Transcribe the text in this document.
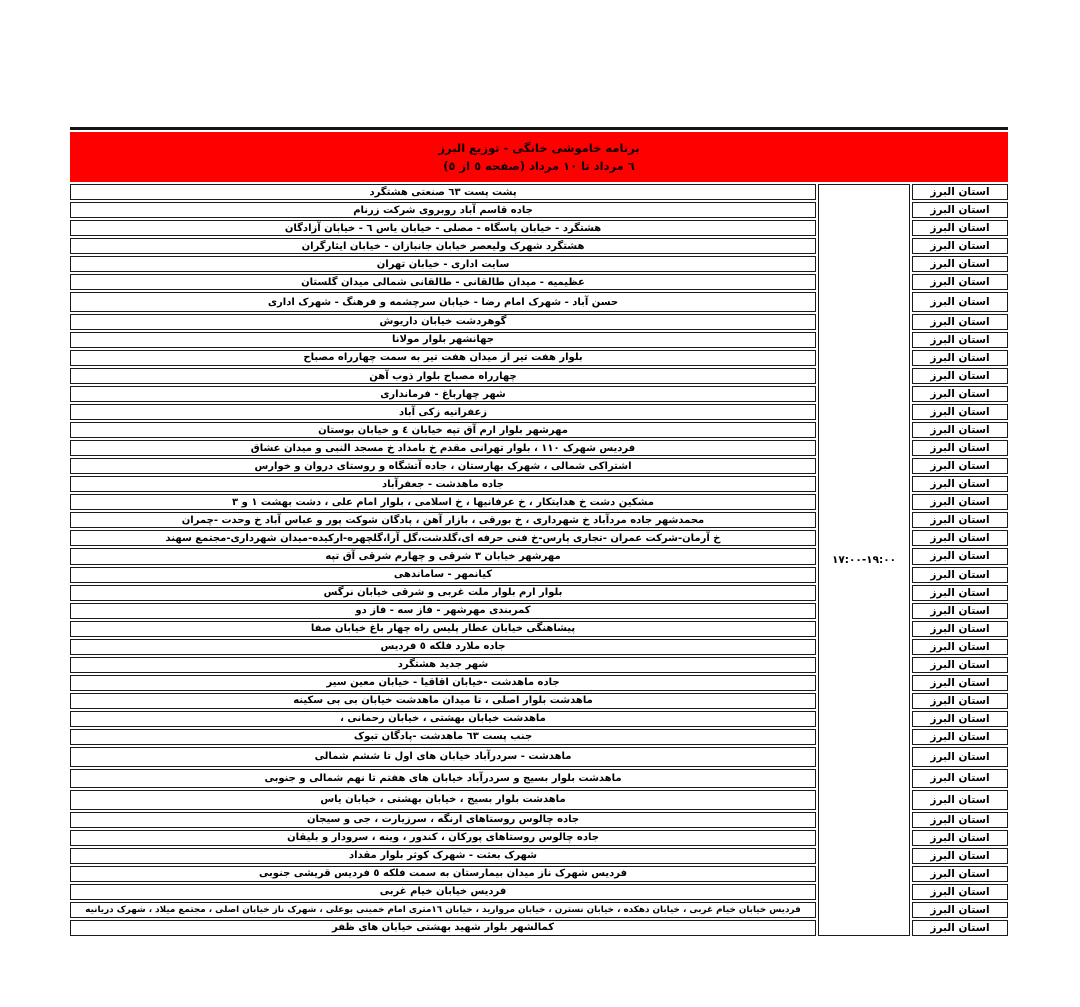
برنامه خاموشی خانگی - توزیع البرز
٦ مرداد تا ١٠ مرداد (صفحه ٥ از ٥)
استان البرز
استان البرز
استان البرز
استان البرز
استان البرز
استان البرز
استان البرز
استان البرز
استان البرز
استان البرز
استان البرز
استان البرز
استان البرز
استان البرز
استان البرز
استان البرز
استان البرز
استان البرز
استان البرز
استان البرز
استان البرز
استان البرز
استان البرز
استان البرز
استان البرز
استان البرز
استان البرز
استان البرز
استان البرز
استان البرز
استان البرز
استان البرز
استان البرز
استان البرز
استان البرز
استان البرز
استان البرز
استان البرز
استان البرز
استان البرز
استان البرز
١٧:٠٠-١٩:٠٠
پشت پست ٦٣ صنعتی هشتگرد
جاده قاسم آباد روبروی شرکت زرنام
هشتگرد - خیابان پاسگاه - مصلی - خیابان یاس ٦ - خیابان آزادگان
هشتگرد شهرک ولیعصر خیابان جانبازان - خیابان ایثارگران
سایت اداری - خیابان تهران
عظیمیه - میدان طالقانی - طالقانی شمالی میدان گلستان
حسن آباد - شهرک امام رضا - خیابان سرچشمه و فرهنگ - شهرک اداری
گوهردشت خیابان داریوش
جهانشهر بلوار مولانا
بلوار هفت تیر از میدان هفت تیر به سمت چهارراه مصباح
چهارراه مصباح بلوار ذوب آهن
شهر چهارباغ - فرمانداری
زعفرانیه زکی آباد
مهرشهر بلوار ارم آق تپه خیابان ٤ و خیابان بوستان
فردیس شهرک ١١٠ ، بلوار تهرانی مقدم خ بامداد خ مسجد النبی و میدان عشاق
اشتراکی شمالی ، شهرک بهارستان ، جاده آتشگاه و روستای دروان و خوارس
جاده ماهدشت - جعفرآباد
مشکین دشت خ هدایتکار ، خ عرفانیها ، خ اسلامی ، بلوار امام علی ، دشت بهشت ١ و ٣
محمدشهر جاده مردآباد خ شهرداری ، خ بورقی ، بازار آهن ، پادگان شوکت پور و عباس آباد خ وحدت -چمران
خ آرمان-شرکت عمران -تجاری پارس-خ فنی حرفه ای،گلدشت،گل آرا،گلچهره-ارکیده-میدان شهرداری-مجتمع سهند
مهرشهر خیابان ٣ شرقی و چهارم شرقی آق تپه
کیانمهر - ساماندهی
بلوار ارم بلوار ملت غربی و شرقی خیابان نرگس
کمربندی مهرشهر - فاز سه - فاز دو
پیشاهنگی خیابان عطار پلیس راه چهار باغ خیابان صفا
جاده ملارد فلکه ٥ فردیس
شهر جدید هشتگرد
جاده ماهدشت -خیابان اقاقیا - خیابان معین سیر
ماهدشت بلوار اصلی ، تا میدان ماهدشت خیابان بی بی سکینه
ماهدشت خیابان بهشتی ، خیابان رحمانی ،
جنب پست ٦٣ ماهدشت -پادگان تبوک
ماهدشت - سردرآباد خیابان های اول تا ششم شمالی
ماهدشت بلوار بسیج و سردرآباد خیابان های هفتم تا نهم شمالی و جنوبی
ماهدشت بلوار بسیج ، خیابان بهشتی ، خیابان یاس
جاده چالوس روستاهای ارنگه ، سرزیارت ، جی و سیجان
جاده چالوس روستاهای پورکان ، کندور ، وینه ، سرودار و بلیقان
شهرک بعثت - شهرک کوثر بلوار مقداد
فردیس شهرک ناز میدان بیمارستان به سمت فلکه ٥ فردیس قریشی جنوبی
فردیس خیابان خیام غربی
فردیس خیابان خیام غربی ، خیابان دهکده ، خیابان نسترن ، خیابان مروارید ، خیابان ١٦متری امام خمینی بوعلی ، شهرک ناز خیابان اصلی ، مجتمع میلاد ، شهرک دریانیه
کمالشهر بلوار شهید بهشتی خیابان های ظفر
